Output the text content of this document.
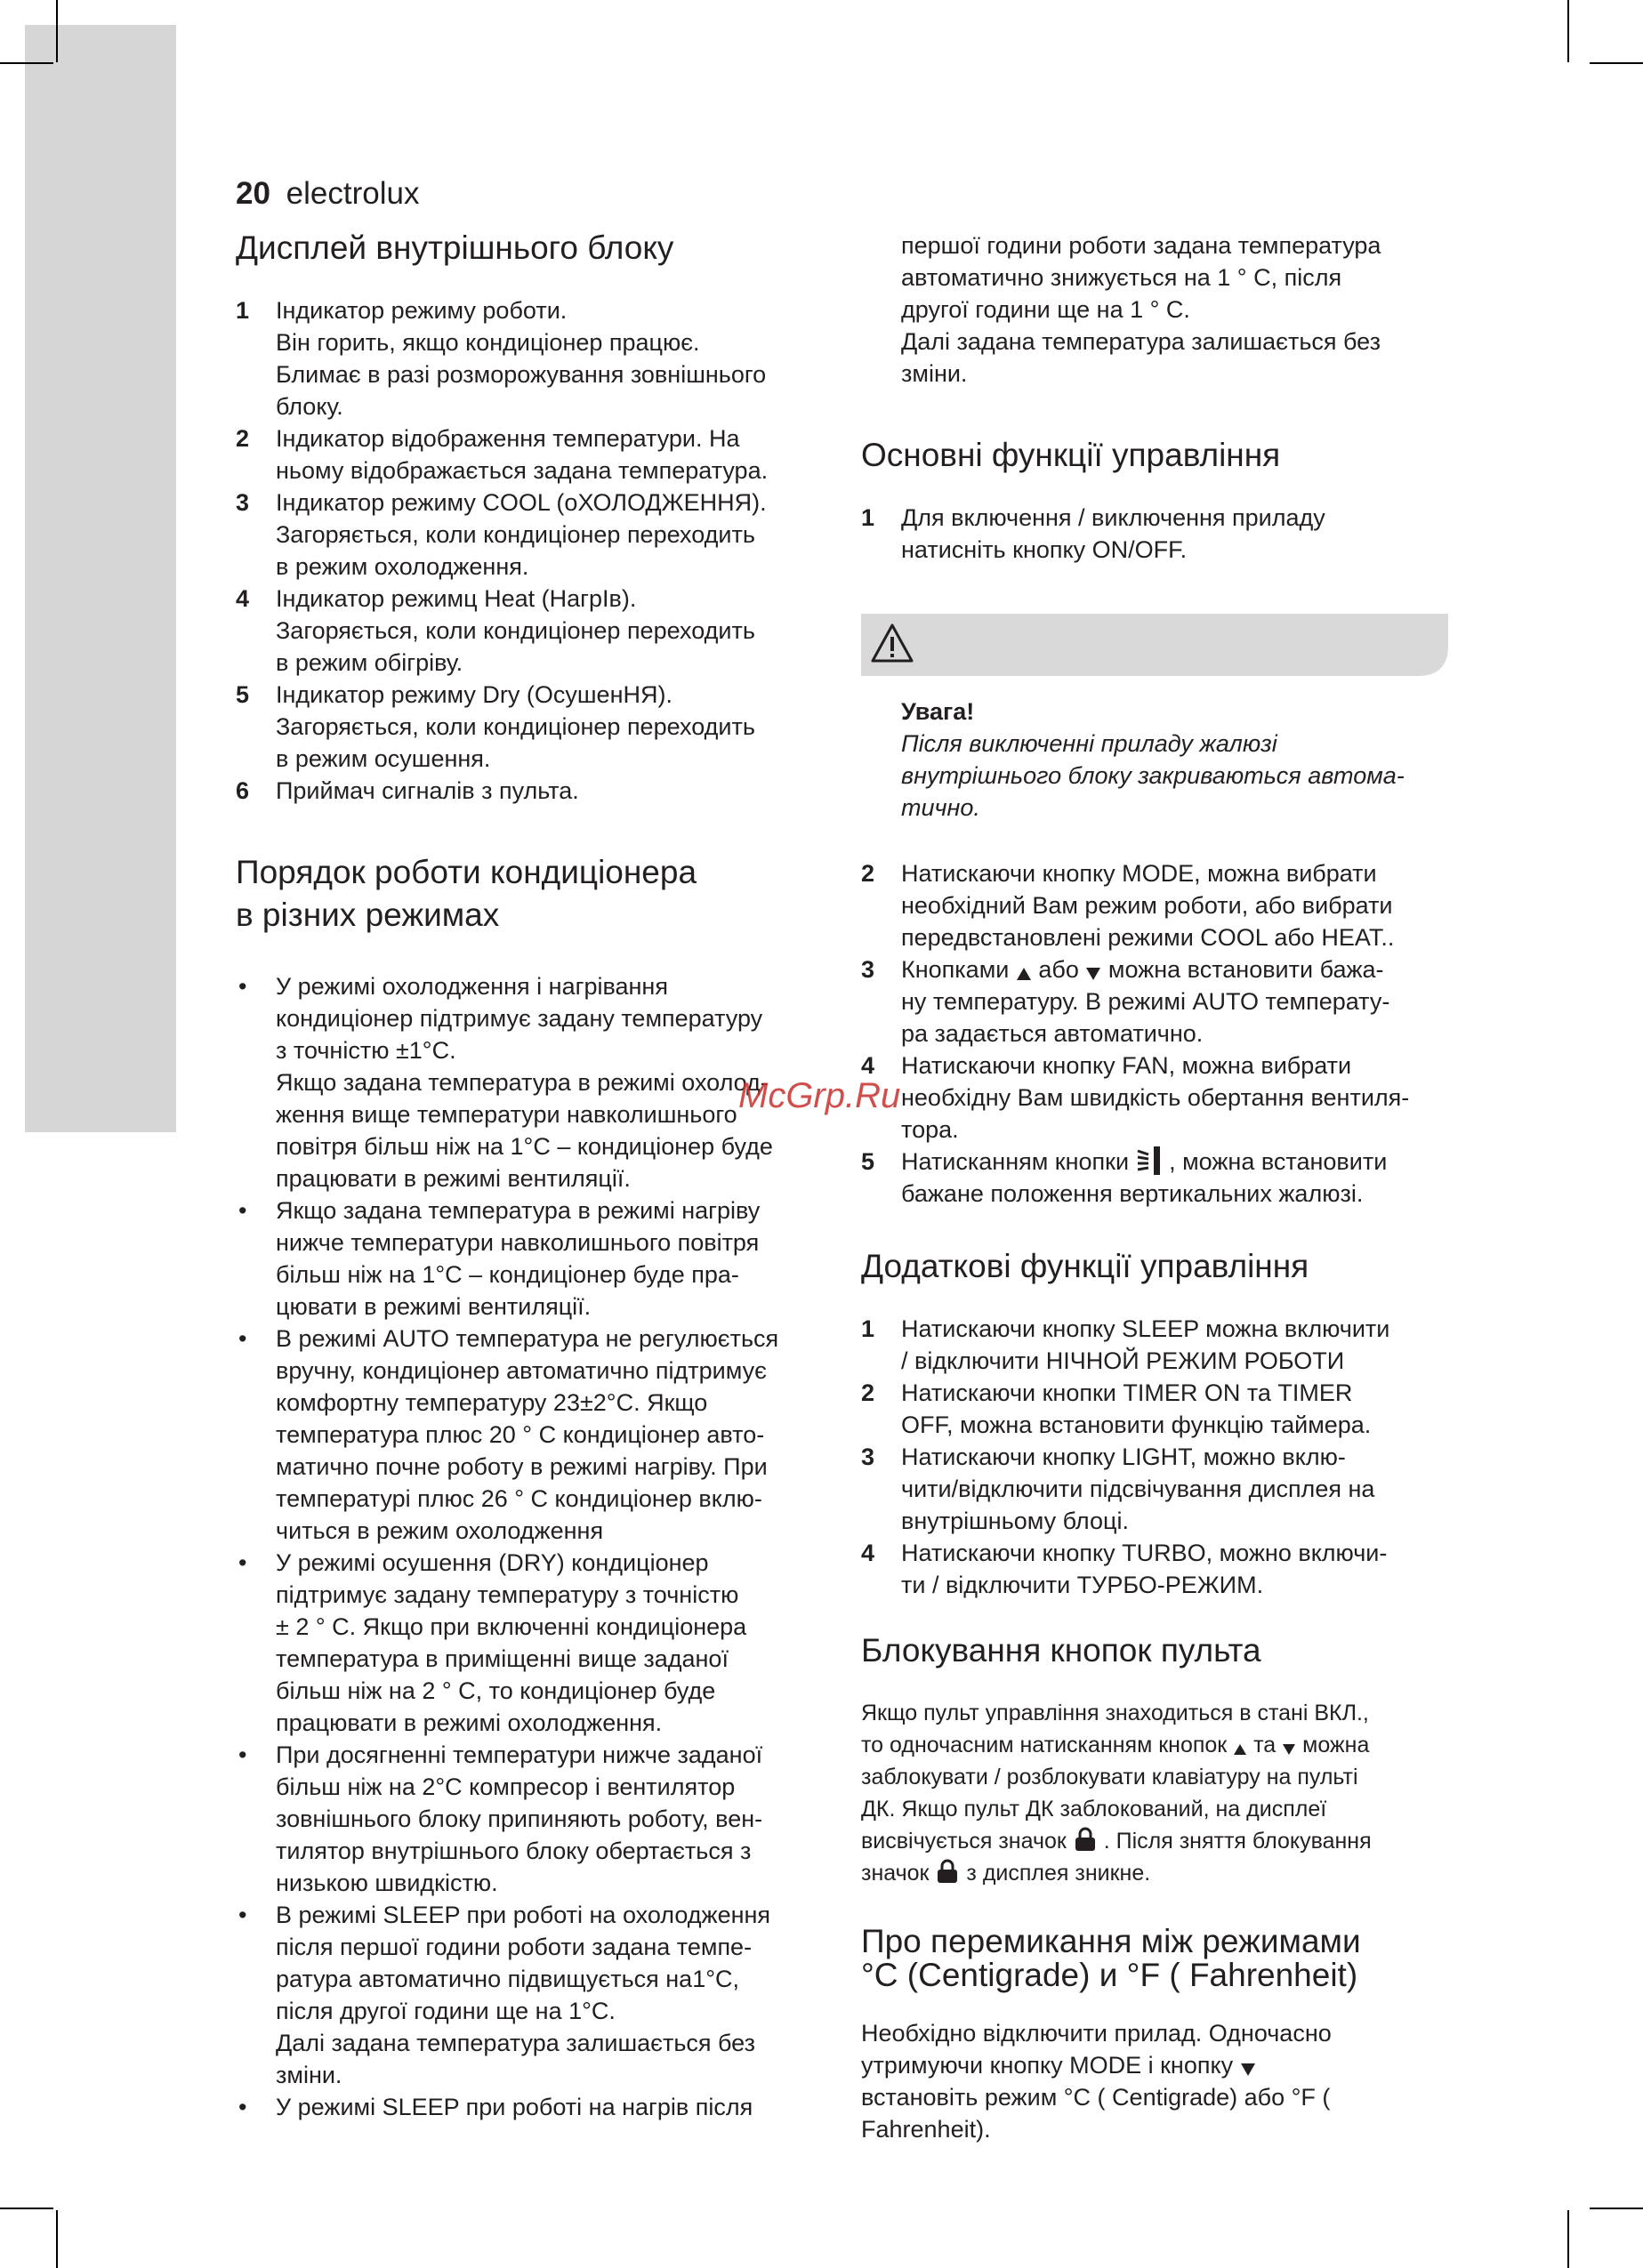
20 electrolux
Дисплей внутрішнього блоку
1 Індикатор режиму роботи.
Він горить, якщо кондиціонер працює.
Блимає в разі розморожування зовнішнього
блоку.
2 Індикатор відображення температури. На
ньому відображається задана температура.
3 Індикатор режиму COOL (оХОЛОДЖЕННЯ).
Загоряється, коли кондиціонер переходить
в режим охолодження.
4 Індикатор режимц Heat (НагрІв).
Загоряється, коли кондиціонер переходить
в режим обігріву.
5 Індикатор режиму Dry (ОсушенНЯ).
Загоряється, коли кондиціонер переходить
в режим осушення.
6 Приймач сигналів з пульта.
Порядок роботи кондиціонера
в різних режимах
• У режимі охолодження і нагрівання
кондиціонер підтримує задану температуру
з точністю ±1°С.
Якщо задана температура в режимі охолод-
ження вище температури навколишнього
повітря більш ніж на 1°С – кондиціонер буде
працювати в режимі вентиляції.
• Якщо задана температура в режимі нагріву
нижче температури навколишнього повітря
більш ніж на 1°С – кондиціонер буде пра-
цювати в режимі вентиляції.
• В режимі AUTO температура не регулюється
вручну, кондиціонер автоматично підтримує
комфортну температуру 23±2°С. Якщо
температура плюс 20 ° С кондиціонер авто-
матично почне роботу в режимі нагріву. При
температурі плюс 26 ° С кондиціонер вклю-
читься в режим охолодження
• У режимі осушення (DRY) кондиціонер
підтримує задану температуру з точністю
± 2 ° С. Якщо при включенні кондиціонера
температура в приміщенні вище заданої
більш ніж на 2 ° С, то кондиціонер буде
працювати в режимі охолодження.
• При досягненні температури нижче заданої
більш ніж на 2°С компресор і вентилятор
зовнішнього блоку припиняють роботу, вен-
тилятор внутрішнього блоку обертається з
низькою швидкістю.
• В режимі SLEEP при роботі на охолодження
після першої години роботи задана темпе-
ратура автоматично підвищується на1°С,
після другої години ще на 1°С.
Далі задана температура залишається без
зміни.
• У режимі SLEEP при роботі на нагрів після

першої години роботи задана температура
автоматично знижується на 1 ° С, після
другої години ще на 1 ° С.
Далі задана температура залишається без
зміни.

Основні функції управління
1 Для включення / виключення приладу
натисніть кнопку ON/OFF.
Увага!
Після виключенні приладу жалюзі
внутрішнього блоку закриваються автома-
тично.
2 Натискаючи кнопку MODE, можна вибрати
необхідний Вам режим роботи, або вибрати
передвстановлені режими COOL або HEAT..
3 Кнопками або можна встановити бажа-
ну температуру. В режимі AUTO температу-
ра задається автоматично.
4 Натискаючи кнопку FAN, можна вибрати
необхідну Вам швидкість обертання вентиля-
тора.
5 Натисканням кнопки , можна встановити
бажане положення вертикальних жалюзі.
Додаткові функції управління
1 Натискаючи кнопку SLEEP можна включити
/ відключити НІЧНОЙ РЕЖИМ РОБОТИ
2 Натискаючи кнопки TIMER ON та TIMER
OFF, можна встановити функцію таймера.
3 Натискаючи кнопку LIGHT, можно вклю-
чити/відключити підсвічування дисплея на
внутрішньому блоці.
4 Натискаючи кнопку TURBO, можно включи-
ти / відключити ТУРБО-РЕЖИМ.
Блокування кнопок пульта
Якщо пульт управління знаходиться в стані ВКЛ.,
то одночасним натисканням кнопок та можна
заблокувати / розблокувати клавіатуру на пульті
ДК. Якщо пульт ДК заблокований, на дисплеї
висвічується значок . Після зняття блокування
значок з дисплея зникне.
Про перемикання між режимами
°C (Centigrade) и °F ( Fahrenheit)

Необхідно відключити прилад. Одночасно
утримуючи кнопку MODE і кнопку
встановіть режим °C ( Centigrade) або °F (
Fahrenheit).

McGrp.Ru
